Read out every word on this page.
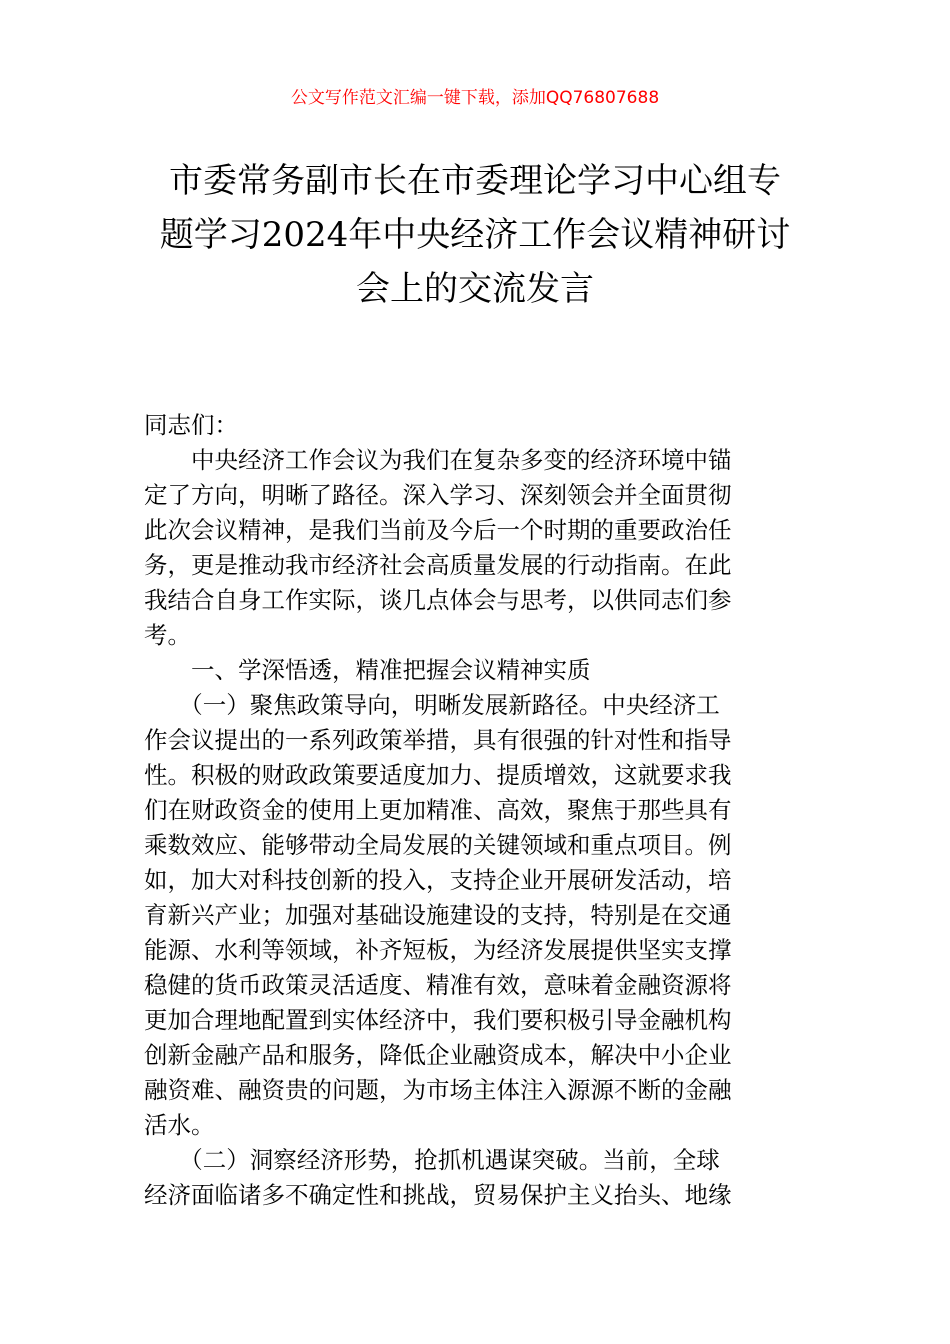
公文写作范文汇编一键下载，添加QQ76807688
市委常务副市长在市委理论学习中心组专
题学习2024年中央经济工作会议精神研讨
会上的交流发言
同志们：
　　中央经济工作会议为我们在复杂多变的经济环境中锚
定了方向，明晰了路径。深入学习、深刻领会并全面贯彻
此次会议精神，是我们当前及今后一个时期的重要政治任
务，更是推动我市经济社会高质量发展的行动指南。在此
我结合自身工作实际，谈几点体会与思考，以供同志们参
考。
　　一、学深悟透，精准把握会议精神实质
　　（一）聚焦政策导向，明晰发展新路径。中央经济工
作会议提出的一系列政策举措，具有很强的针对性和指导
性。积极的财政政策要适度加力、提质增效，这就要求我
们在财政资金的使用上更加精准、高效，聚焦于那些具有
乘数效应、能够带动全局发展的关键领域和重点项目。例
如，加大对科技创新的投入，支持企业开展研发活动，培
育新兴产业；加强对基础设施建设的支持，特别是在交通
能源、水利等领域，补齐短板，为经济发展提供坚实支撑
稳健的货币政策灵活适度、精准有效，意味着金融资源将
更加合理地配置到实体经济中，我们要积极引导金融机构
创新金融产品和服务，降低企业融资成本，解决中小企业
融资难、融资贵的问题，为市场主体注入源源不断的金融
活水。
　　（二）洞察经济形势，抢抓机遇谋突破。当前，全球
经济面临诸多不确定性和挑战，贸易保护主义抬头、地缘
